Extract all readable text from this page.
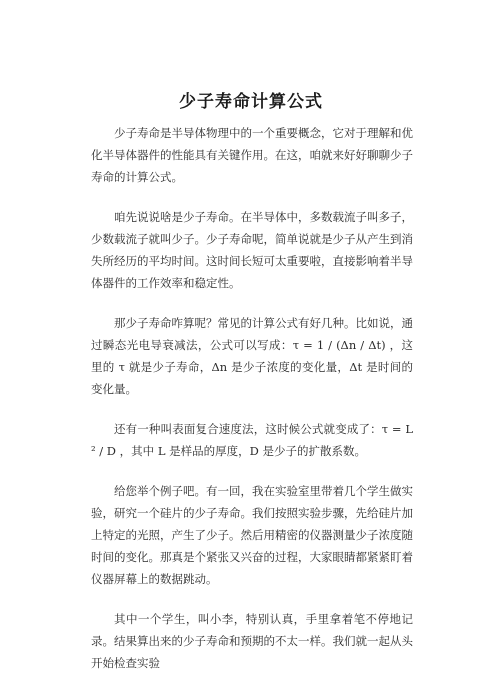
少子寿命计算公式

少子寿命是半导体物理中的一个重要概念，它对于理解和优化半导体器件的性能具有关键作用。在这，咱就来好好聊聊少子寿命的计算公式。

咱先说说啥是少子寿命。在半导体中，多数载流子叫多子，少数载流子就叫少子。少子寿命呢，简单说就是少子从产生到消失所经历的平均时间。这时间长短可太重要啦，直接影响着半导体器件的工作效率和稳定性。

那少子寿命咋算呢？常见的计算公式有好几种。比如说，通过瞬态光电导衰减法，公式可以写成：τ = 1 / (Δn / Δt) ，这里的 τ 就是少子寿命，Δn 是少子浓度的变化量，Δt 是时间的变化量。

还有一种叫表面复合速度法，这时候公式就变成了：τ = L² / D ，其中 L 是样品的厚度，D 是少子的扩散系数。

给您举个例子吧。有一回，我在实验室里带着几个学生做实验，研究一个硅片的少子寿命。我们按照实验步骤，先给硅片加上特定的光照，产生了少子。然后用精密的仪器测量少子浓度随时间的变化。那真是个紧张又兴奋的过程，大家眼睛都紧紧盯着仪器屏幕上的数据跳动。

其中一个学生，叫小李，特别认真，手里拿着笔不停地记录。结果算出来的少子寿命和预期的不太一样。我们就一起从头开始检查实验
